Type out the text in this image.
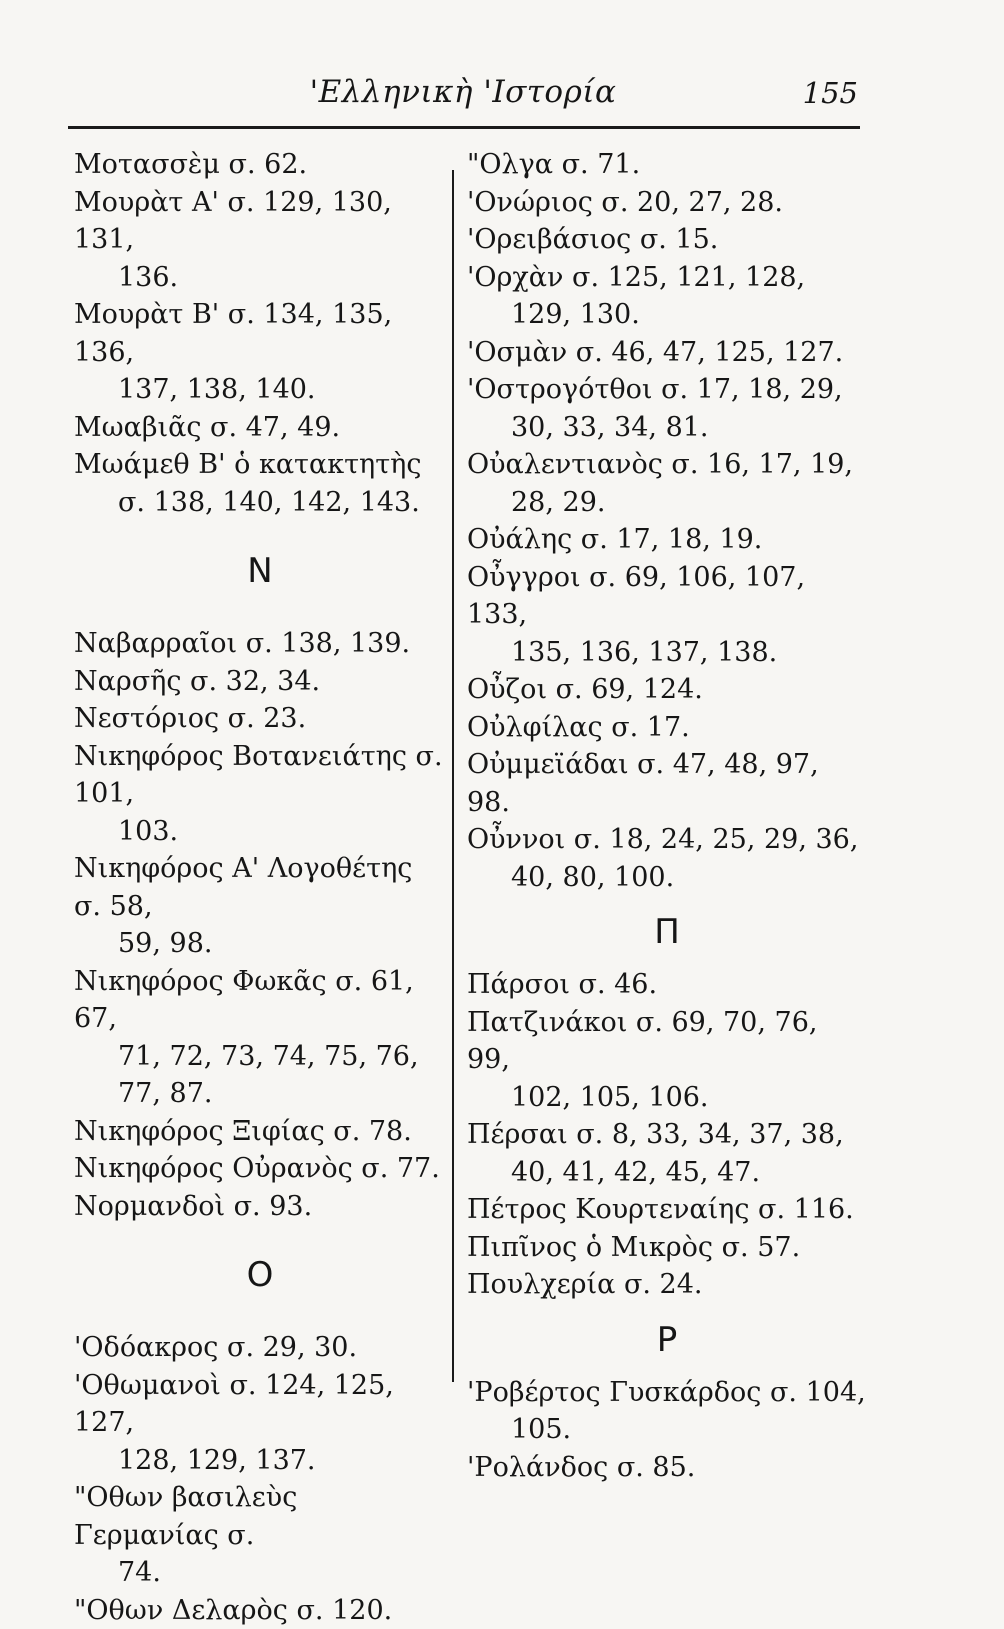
'Ελληνικὴ 'Ιστορία	155
Μοτασσὲμ σ. 62.
Μουρὰτ Α' σ. 129, 130, 131,
136.
Μουρὰτ Β' σ. 134, 135, 136,
137, 138, 140.
Μωαβιᾶς σ. 47, 49.
Μωάμεθ Β' ὁ κατακτητὴς
σ. 138, 140, 142, 143.
Ν
Ναβαρραῖοι σ. 138, 139.
Ναρσῆς σ. 32, 34.
Νεστόριος σ. 23.
Νικηφόρος Βοτανειάτης σ. 101,
103.
Νικηφόρος Α' Λογοθέτης σ. 58,
59, 98.
Νικηφόρος Φωκᾶς σ. 61, 67,
71, 72, 73, 74, 75, 76,
77, 87.
Νικηφόρος Ξιφίας σ. 78.
Νικηφόρος Οὐρανὸς σ. 77.
Νορμανδοὶ σ. 93.
Ο
'Οδόακρος σ. 29, 30.
'Οθωμανοὶ σ. 124, 125, 127,
128, 129, 137.
"Οθων βασιλεὺς Γερμανίας σ.
74.
"Οθων Δελαρὸς σ. 120.
"Ολγα σ. 71.
'Ονώριος σ. 20, 27, 28.
'Ορειβάσιος σ. 15.
'Ορχὰν σ. 125, 121, 128,
129, 130.
'Οσμὰν σ. 46, 47, 125, 127.
'Οστρογότθοι σ. 17, 18, 29,
30, 33, 34, 81.
Οὐαλεντιανὸς σ. 16, 17, 19,
28, 29.
Οὐάλης σ. 17, 18, 19.
Οὖγγροι σ. 69, 106, 107, 133,
135, 136, 137, 138.
Οὖζοι σ. 69, 124.
Οὐλφίλας σ. 17.
Οὐμμεϊάδαι σ. 47, 48, 97, 98.
Οὖννοι σ. 18, 24, 25, 29, 36,
40, 80, 100.
Π
Πάρσοι σ. 46.
Πατζινάκοι σ. 69, 70, 76, 99,
102, 105, 106.
Πέρσαι σ. 8, 33, 34, 37, 38,
40, 41, 42, 45, 47.
Πέτρος Κουρτεναίης σ. 116.
Πιπῖνος ὁ Μικρὸς σ. 57.
Πουλχερία σ. 24.
Ρ
'Ροβέρτος Γυσκάρδος σ. 104,
105.
'Ρολάνδος σ. 85.
